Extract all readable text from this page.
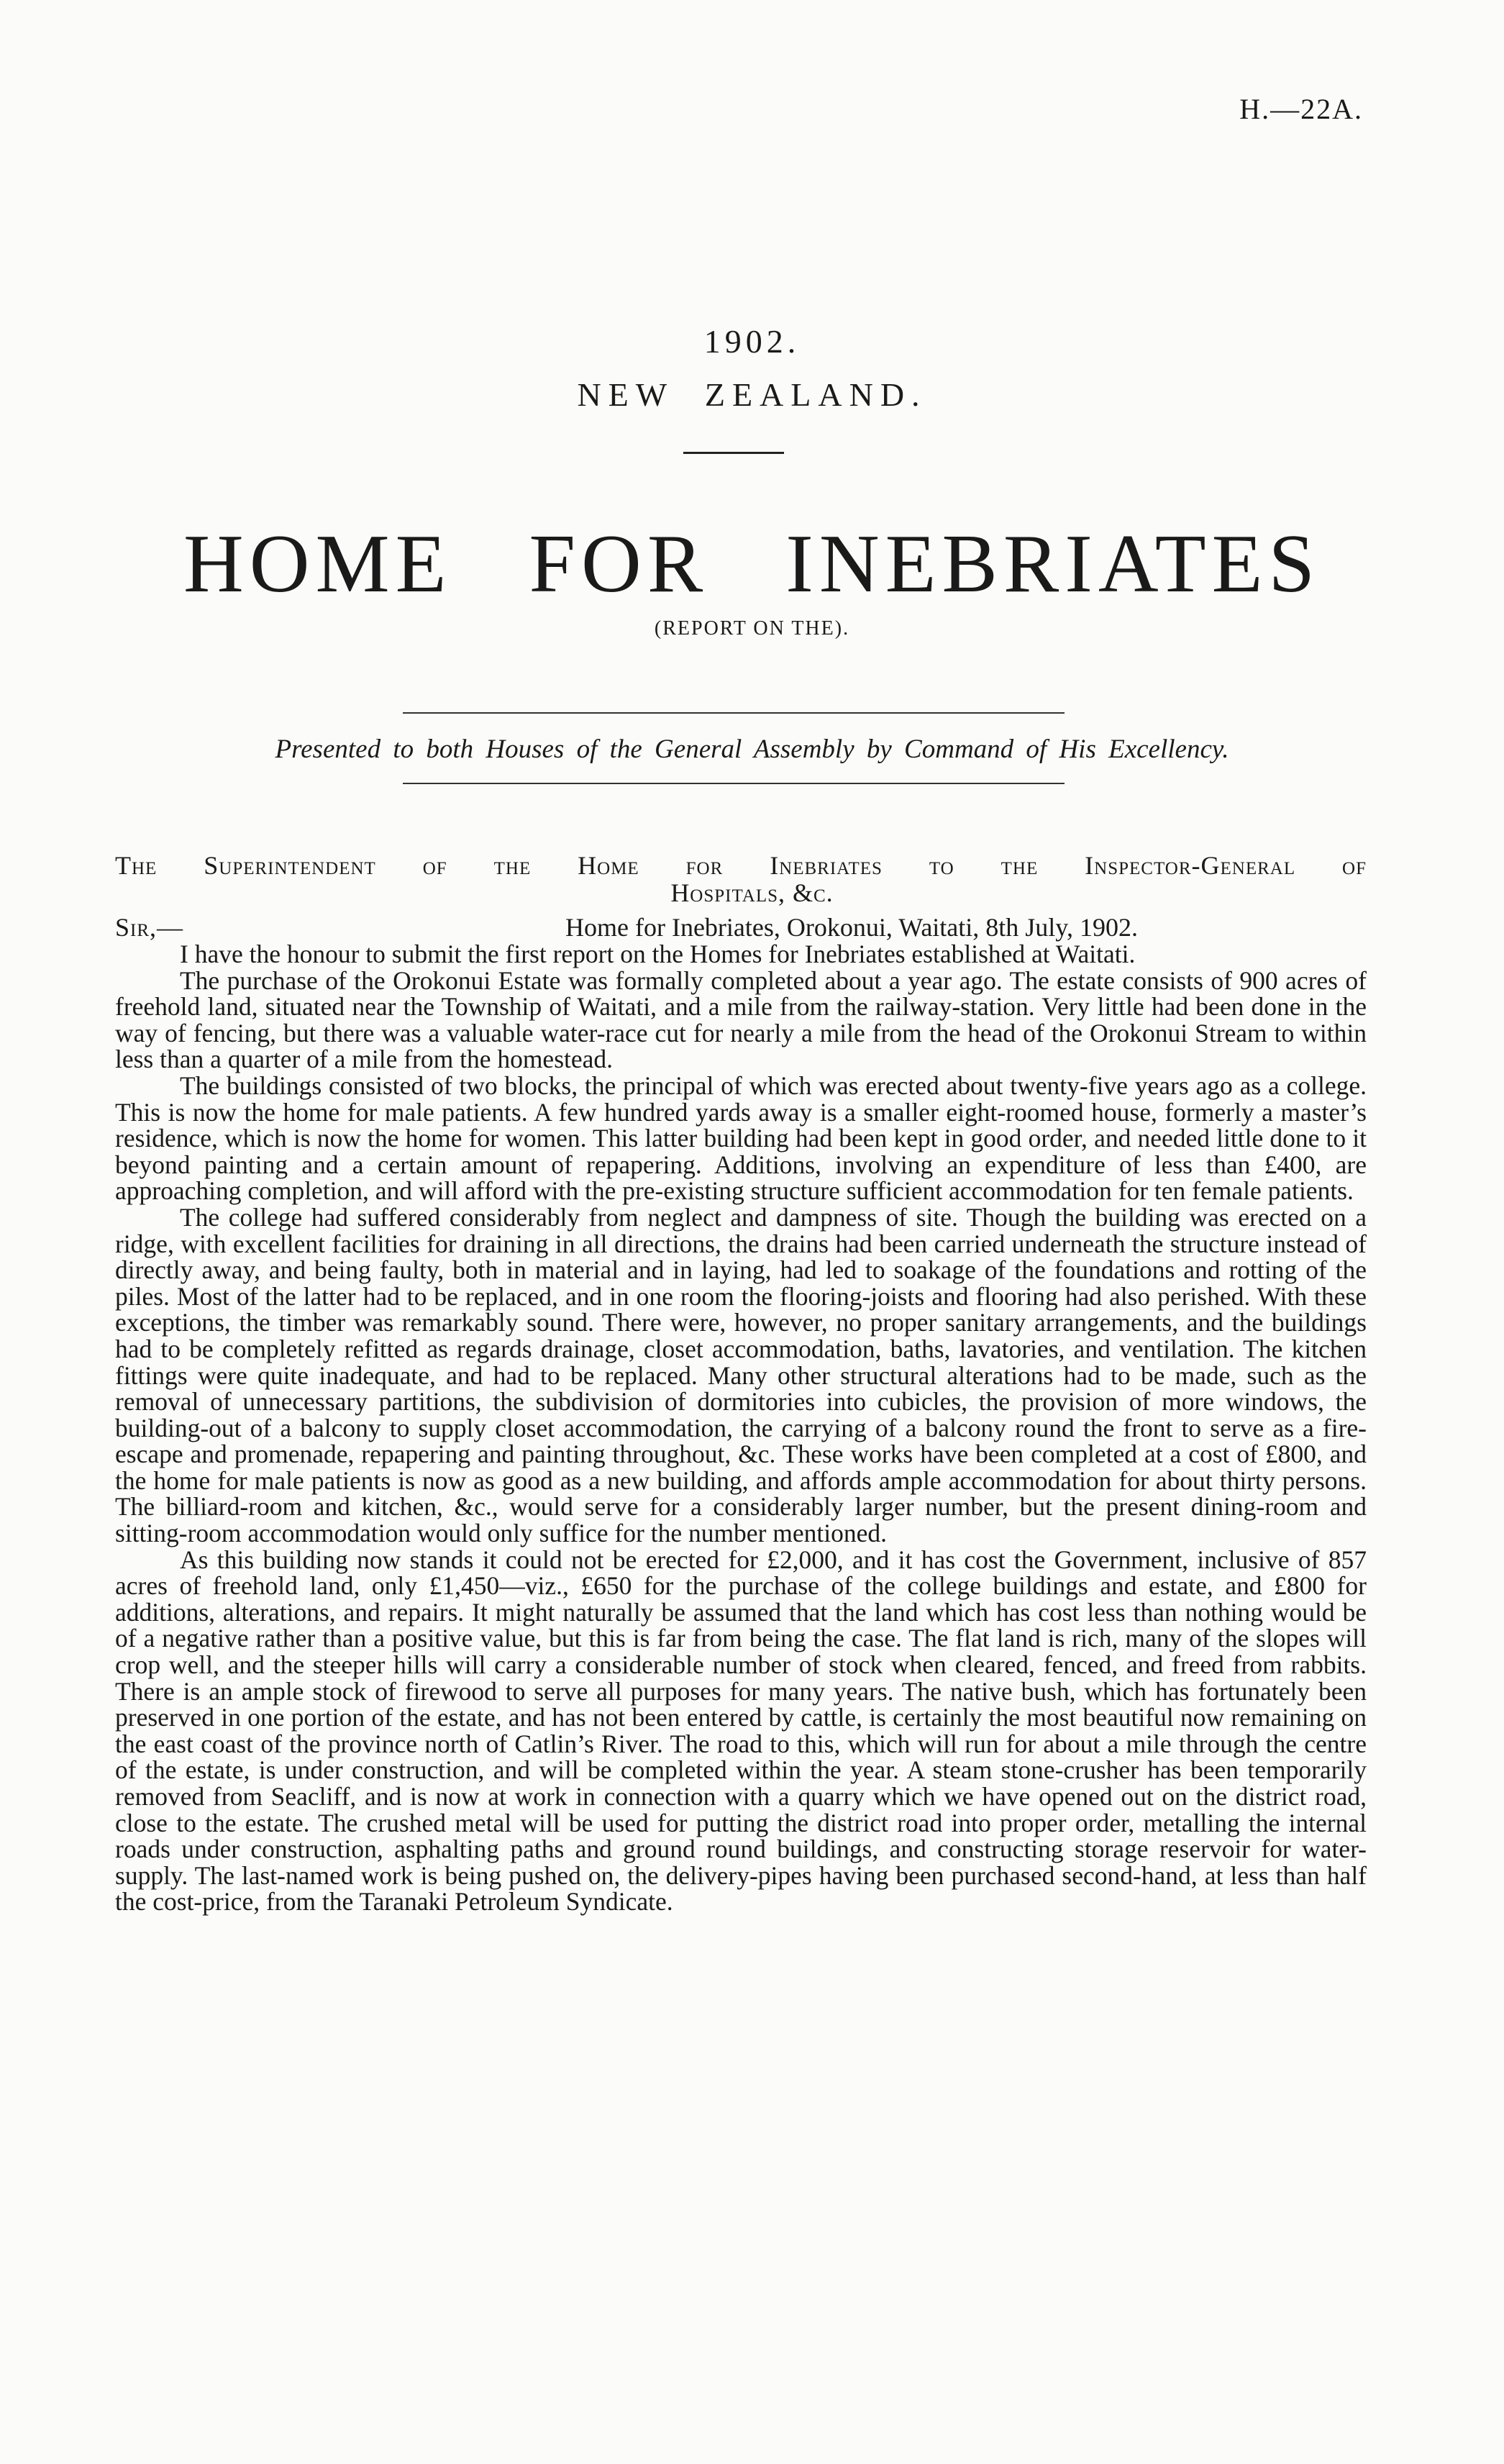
H.—22A.
1902.
NEW ZEALAND.
HOME FOR INEBRIATES
(REPORT ON THE).
Presented to both Houses of the General Assembly by Command of His Excellency.
The Superintendent of the Home for Inebriates to the Inspector-General of
Hospitals, &c.
Sir,—	Home for Inebriates, Orokonui, Waitati, 8th July, 1902.

I have the honour to submit the first report on the Homes for Inebriates established at Waitati.

The purchase of the Orokonui Estate was formally completed about a year ago. The estate consists of 900 acres of freehold land, situated near the Township of Waitati, and a mile from the railway-station. Very little had been done in the way of fencing, but there was a valuable water-race cut for nearly a mile from the head of the Orokonui Stream to within less than a quarter of a mile from the homestead.

The buildings consisted of two blocks, the principal of which was erected about twenty-five years ago as a college. This is now the home for male patients. A few hundred yards away is a smaller eight-roomed house, formerly a master’s residence, which is now the home for women. This latter building had been kept in good order, and needed little done to it beyond painting and a certain amount of repapering. Additions, involving an expenditure of less than £400, are approaching completion, and will afford with the pre-existing structure sufficient accommodation for ten female patients.

The college had suffered considerably from neglect and dampness of site. Though the building was erected on a ridge, with excellent facilities for draining in all directions, the drains had been carried underneath the structure instead of directly away, and being faulty, both in material and in laying, had led to soakage of the foundations and rotting of the piles. Most of the latter had to be replaced, and in one room the flooring-joists and flooring had also perished. With these exceptions, the timber was remarkably sound. There were, however, no proper sanitary arrangements, and the buildings had to be completely refitted as regards drainage, closet accommodation, baths, lavatories, and ventilation. The kitchen fittings were quite inadequate, and had to be replaced. Many other structural alterations had to be made, such as the removal of unnecessary partitions, the subdivision of dormitories into cubicles, the provision of more windows, the building-out of a balcony to supply closet accommodation, the carrying of a balcony round the front to serve as a fire-escape and promenade, repapering and painting throughout, &c. These works have been completed at a cost of £800, and the home for male patients is now as good as a new building, and affords ample accommodation for about thirty persons. The billiard-room and kitchen, &c., would serve for a considerably larger number, but the present dining-room and sitting-room accommodation would only suffice for the number mentioned.

As this building now stands it could not be erected for £2,000, and it has cost the Government, inclusive of 857 acres of freehold land, only £1,450—viz., £650 for the purchase of the college buildings and estate, and £800 for additions, alterations, and repairs. It might naturally be assumed that the land which has cost less than nothing would be of a negative rather than a positive value, but this is far from being the case. The flat land is rich, many of the slopes will crop well, and the steeper hills will carry a considerable number of stock when cleared, fenced, and freed from rabbits. There is an ample stock of firewood to serve all purposes for many years. The native bush, which has fortunately been preserved in one portion of the estate, and has not been entered by cattle, is certainly the most beautiful now remaining on the east coast of the province north of Catlin’s River. The road to this, which will run for about a mile through the centre of the estate, is under construction, and will be completed within the year. A steam stone-crusher has been temporarily removed from Seacliff, and is now at work in connection with a quarry which we have opened out on the district road, close to the estate. The crushed metal will be used for putting the district road into proper order, metalling the internal roads under construction, asphalting paths and ground round buildings, and constructing storage reservoir for water-supply. The last-named work is being pushed on, the delivery-pipes having been purchased second-hand, at less than half the cost-price, from the Taranaki Petroleum Syndicate.
